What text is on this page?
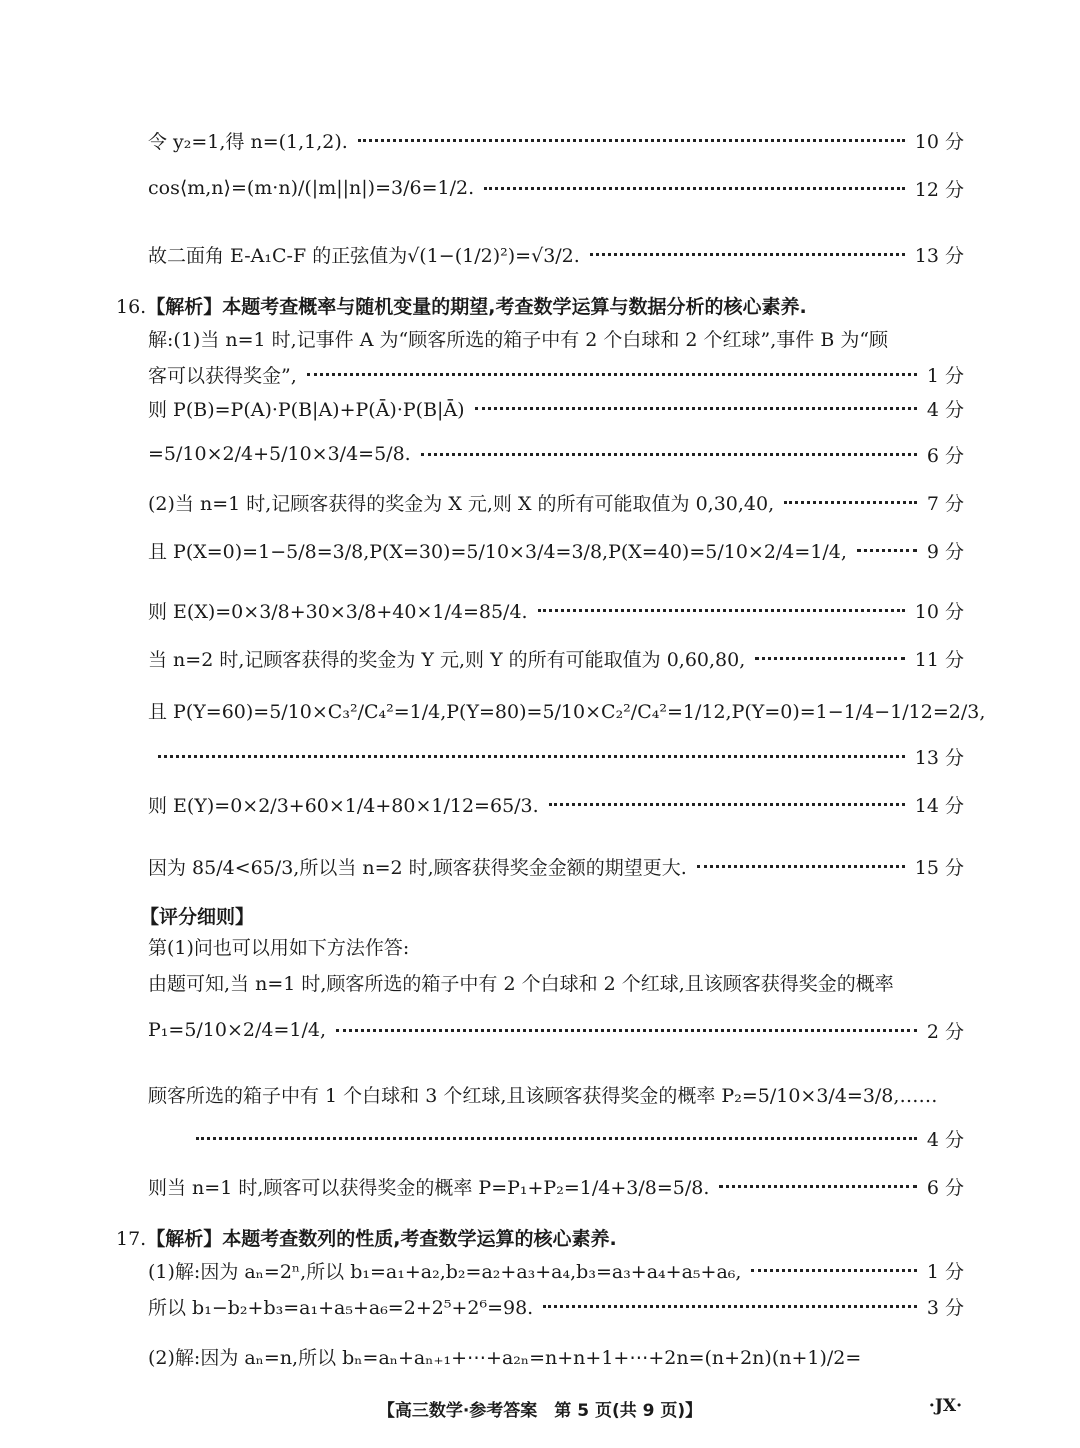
令 y₂=1,得 n=(1,1,2).	10 分
cos⟨m,n⟩=(m·n)/(|m||n|)=3/6=1/2.	12 分
故二面角 E-A₁C-F 的正弦值为√(1−(1/2)²)=√3/2.	13 分
16.【解析】本题考查概率与随机变量的期望,考查数学运算与数据分析的核心素养.
解:(1)当 n=1 时,记事件 A 为“顾客所选的箱子中有 2 个白球和 2 个红球”,事件 B 为“顾
客可以获得奖金”,	1 分
则 P(B)=P(A)·P(B|A)+P(Ā)·P(B|Ā)	4 分
=5/10×2/4+5/10×3/4=5/8.	6 分
(2)当 n=1 时,记顾客获得的奖金为 X 元,则 X 的所有可能取值为 0,30,40,	7 分
且 P(X=0)=1−5/8=3/8,P(X=30)=5/10×3/4=3/8,P(X=40)=5/10×2/4=1/4,	9 分
则 E(X)=0×3/8+30×3/8+40×1/4=85/4.	10 分
当 n=2 时,记顾客获得的奖金为 Y 元,则 Y 的所有可能取值为 0,60,80,	11 分
且 P(Y=60)=5/10×C₃²/C₄²=1/4,P(Y=80)=5/10×C₂²/C₄²=1/12,P(Y=0)=1−1/4−1/12=2/3,
13 分
则 E(Y)=0×2/3+60×1/4+80×1/12=65/3.	14 分
因为 85/4<65/3,所以当 n=2 时,顾客获得奖金金额的期望更大.	15 分
【评分细则】
第(1)问也可以用如下方法作答:
由题可知,当 n=1 时,顾客所选的箱子中有 2 个白球和 2 个红球,且该顾客获得奖金的概率
P₁=5/10×2/4=1/4,	2 分
顾客所选的箱子中有 1 个白球和 3 个红球,且该顾客获得奖金的概率 P₂=5/10×3/4=3/8,……
4 分
则当 n=1 时,顾客可以获得奖金的概率 P=P₁+P₂=1/4+3/8=5/8.	6 分
17.【解析】本题考查数列的性质,考查数学运算的核心素养.
(1)解:因为 aₙ=2ⁿ,所以 b₁=a₁+a₂,b₂=a₂+a₃+a₄,b₃=a₃+a₄+a₅+a₆,	1 分
所以 b₁−b₂+b₃=a₁+a₅+a₆=2+2⁵+2⁶=98.	3 分
(2)解:因为 aₙ=n,所以 bₙ=aₙ+aₙ₊₁+⋯+a₂ₙ=n+n+1+⋯+2n=(n+2n)(n+1)/2=
【高三数学·参考答案　第 5 页(共 9 页)】	·JX·
